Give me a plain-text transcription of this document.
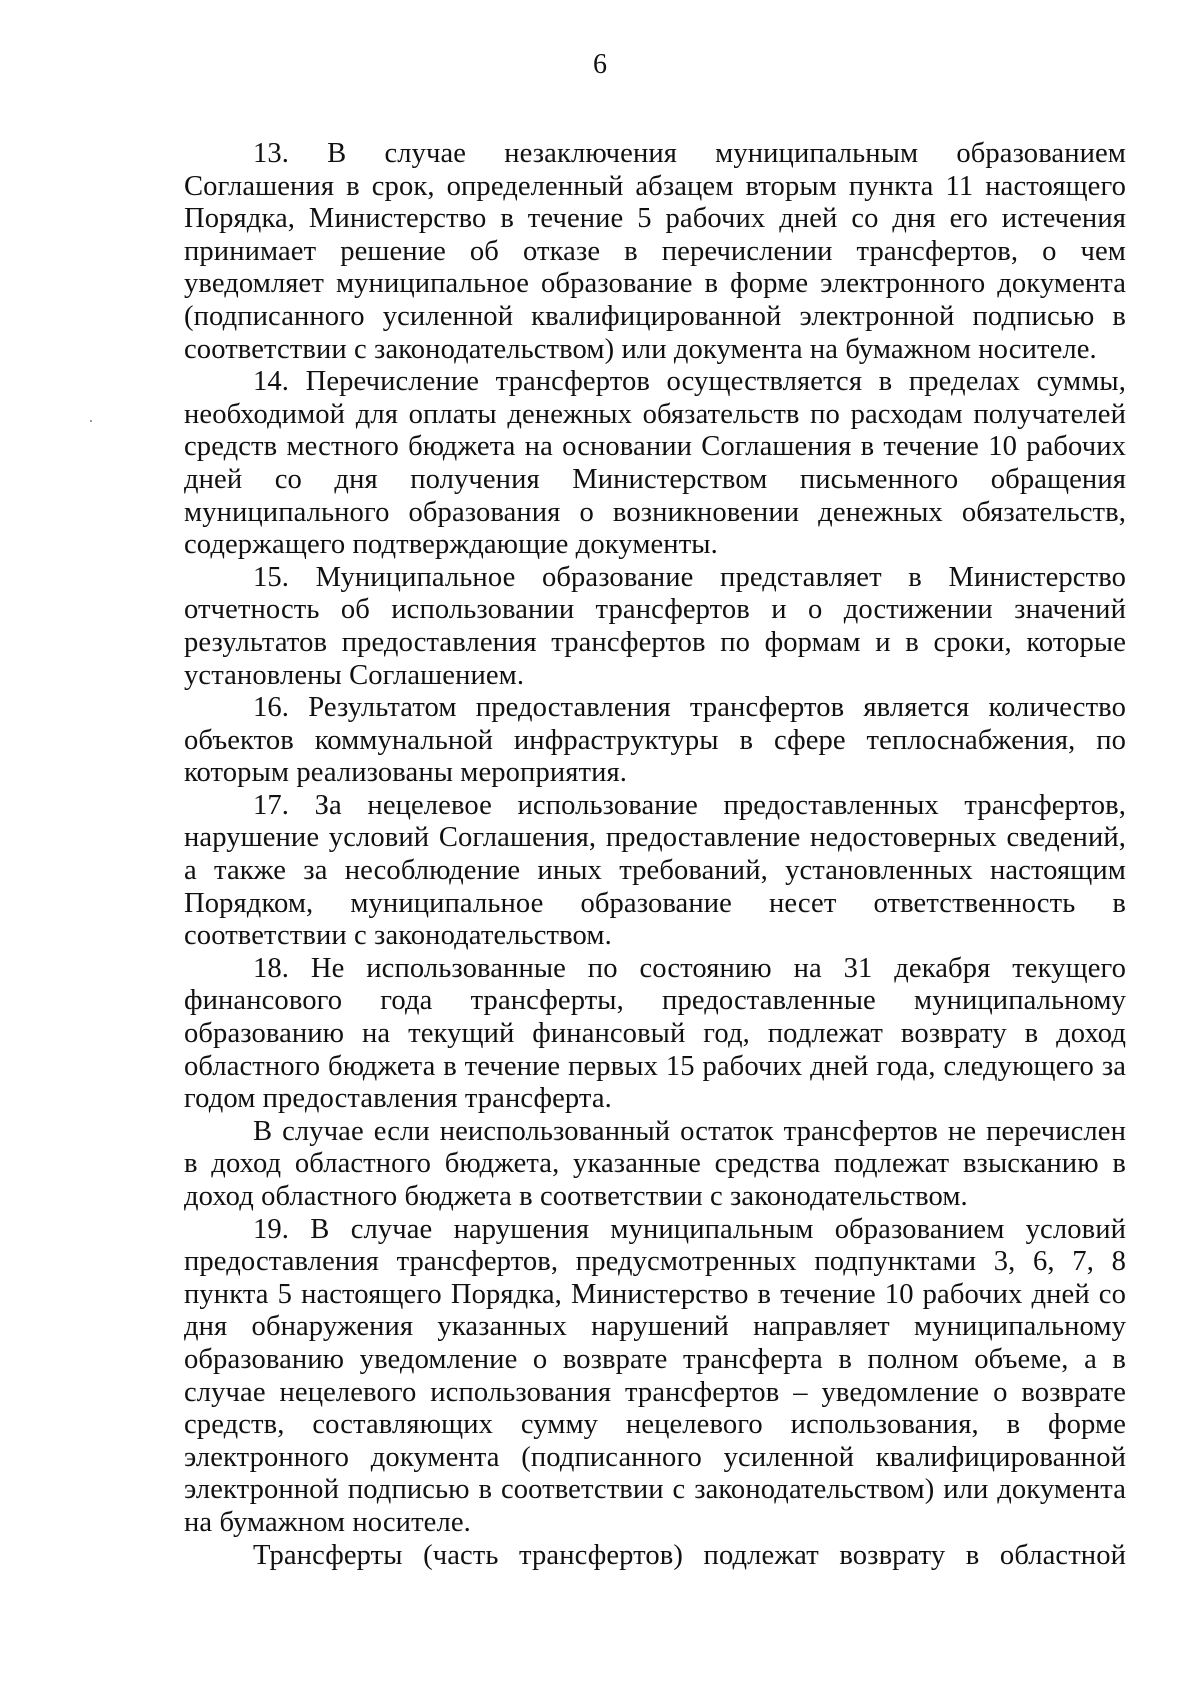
6

13. В случае незаключения муниципальным образованием Соглашения в срок, определенный абзацем вторым пункта 11 настоящего Порядка, Министерство в течение 5 рабочих дней со дня его истечения принимает решение об отказе в перечислении трансфертов, о чем уведомляет муниципальное образование в форме электронного документа (подписанного усиленной квалифицированной электронной подписью в соответствии с законодательством) или документа на бумажном носителе.

14. Перечисление трансфертов осуществляется в пределах суммы, необходимой для оплаты денежных обязательств по расходам получателей средств местного бюджета на основании Соглашения в течение 10 рабочих дней со дня получения Министерством письменного обращения муниципального образования о возникновении денежных обязательств, содержащего подтверждающие документы.

15. Муниципальное образование представляет в Министерство отчетность об использовании трансфертов и о достижении значений результатов предоставления трансфертов по формам и в сроки, которые установлены Соглашением.

16. Результатом предоставления трансфертов является количество объектов коммунальной инфраструктуры в сфере теплоснабжения, по которым реализованы мероприятия.

17. За нецелевое использование предоставленных трансфертов, нарушение условий Соглашения, предоставление недостоверных сведений, а также за несоблюдение иных требований, установленных настоящим Порядком, муниципальное образование несет ответственность в соответствии с законодательством.

18. Не использованные по состоянию на 31 декабря текущего финансового года трансферты, предоставленные муниципальному образованию на текущий финансовый год, подлежат возврату в доход областного бюджета в течение первых 15 рабочих дней года, следующего за годом предоставления трансферта.

В случае если неиспользованный остаток трансфертов не перечислен в доход областного бюджета, указанные средства подлежат взысканию в доход областного бюджета в соответствии с законодательством.

19. В случае нарушения муниципальным образованием условий предоставления трансфертов, предусмотренных подпунктами 3, 6, 7, 8 пункта 5 настоящего Порядка, Министерство в течение 10 рабочих дней со дня обнаружения указанных нарушений направляет муниципальному образованию уведомление о возврате трансферта в полном объеме, а в случае нецелевого использования трансфертов – уведомление о возврате средств, составляющих сумму нецелевого использования, в форме электронного документа (подписанного усиленной квалифицированной электронной подписью в соответствии с законодательством) или документа на бумажном носителе.

Трансферты (часть трансфертов) подлежат возврату в областной
